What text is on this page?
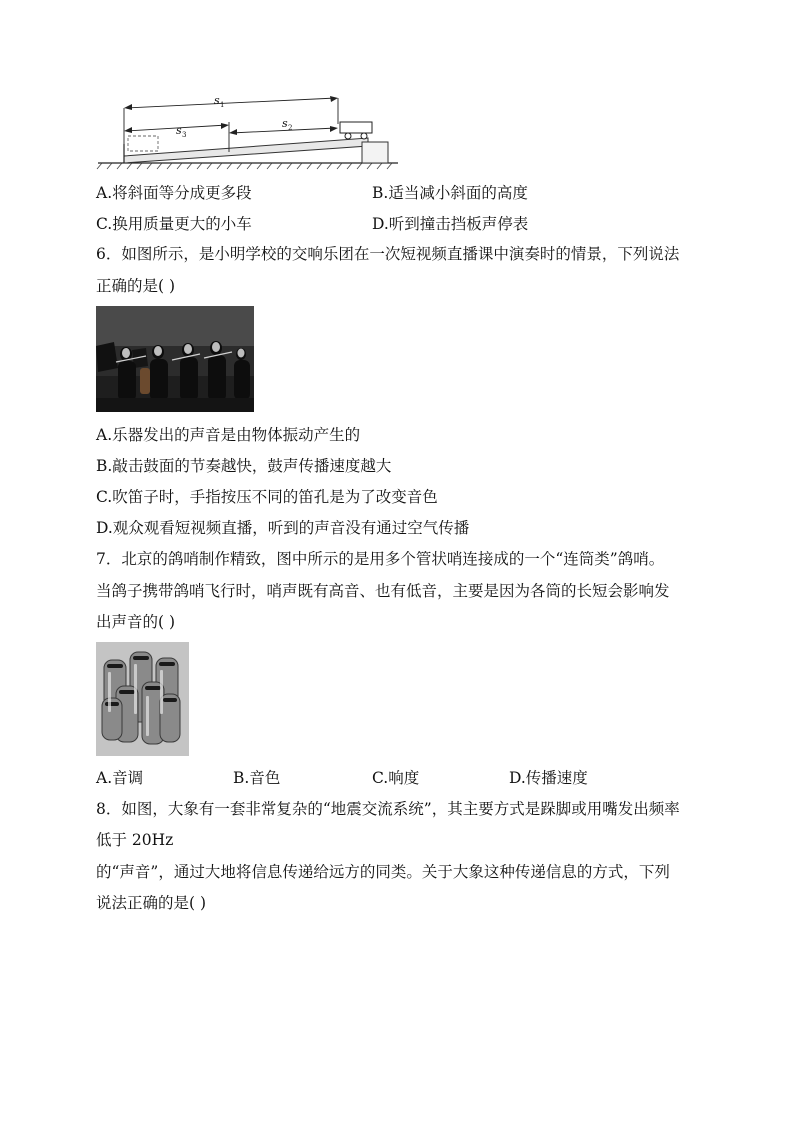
s 1
s 3
s 2
A.将斜面等分成更多段	B.适当减小斜面的高度
C.换用质量更大的小车	D.听到撞击挡板声停表
6．如图所示，是小明学校的交响乐团在一次短视频直播课中演奏时的情景，下列说法
正确的是( )
A.乐器发出的声音是由物体振动产生的
B.敲击鼓面的节奏越快，鼓声传播速度越大
C.吹笛子时，手指按压不同的笛孔是为了改变音色
D.观众观看短视频直播，听到的声音没有通过空气传播
7．北京的鸽哨制作精致，图中所示的是用多个管状哨连接成的一个“连筒类”鸽哨。
当鸽子携带鸽哨飞行时，哨声既有高音、也有低音，主要是因为各筒的长短会影响发
出声音的( )
A.音调	B.音色	C.响度	D.传播速度
8．如图，大象有一套非常复杂的“地震交流系统”，其主要方式是跺脚或用嘴发出频率
低于 20Hz
的“声音”，通过大地将信息传递给远方的同类。关于大象这种传递信息的方式，下列
说法正确的是( )
